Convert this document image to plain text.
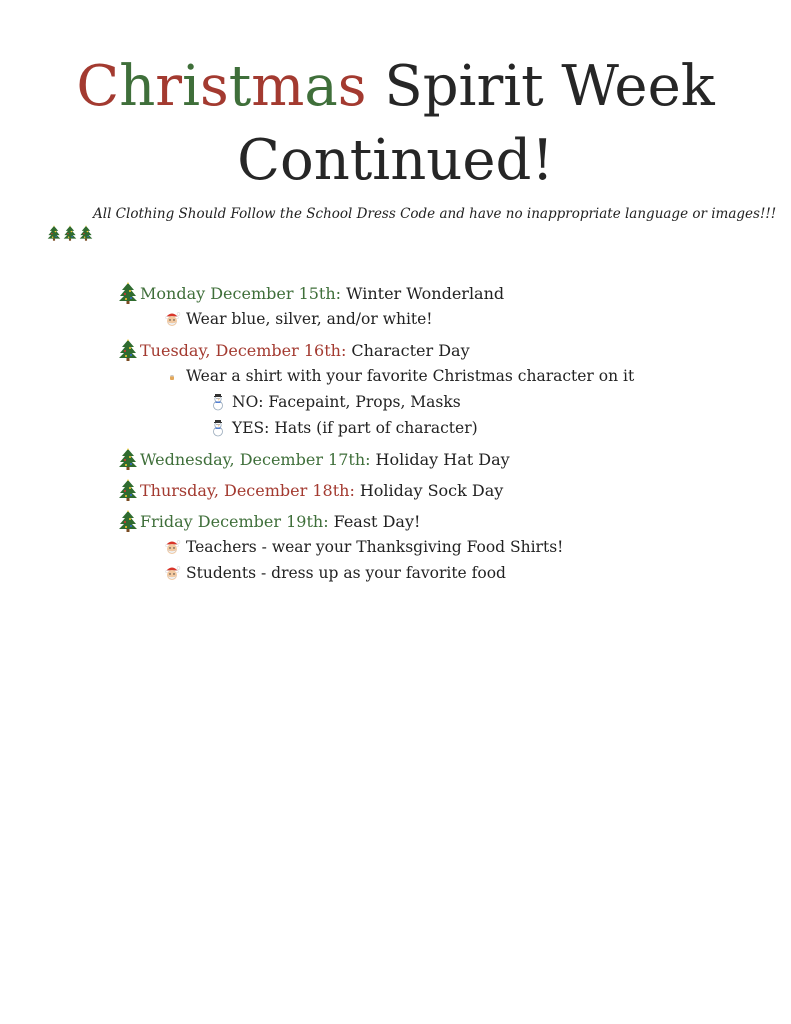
Christmas Spirit Week
Continued!
All Clothing Should Follow the School Dress Code and have no inappropriate language or images!!!
Monday December 15th: Winter Wonderland
Wear blue, silver, and/or white!
Tuesday, December 16th: Character Day
Wear a shirt with your favorite Christmas character on it
NO: Facepaint, Props, Masks
YES: Hats (if part of character)
Wednesday, December 17th: Holiday Hat Day
Thursday, December 18th: Holiday Sock Day
Friday December 19th: Feast Day!
Teachers - wear your Thanksgiving Food Shirts!
Students - dress up as your favorite food
